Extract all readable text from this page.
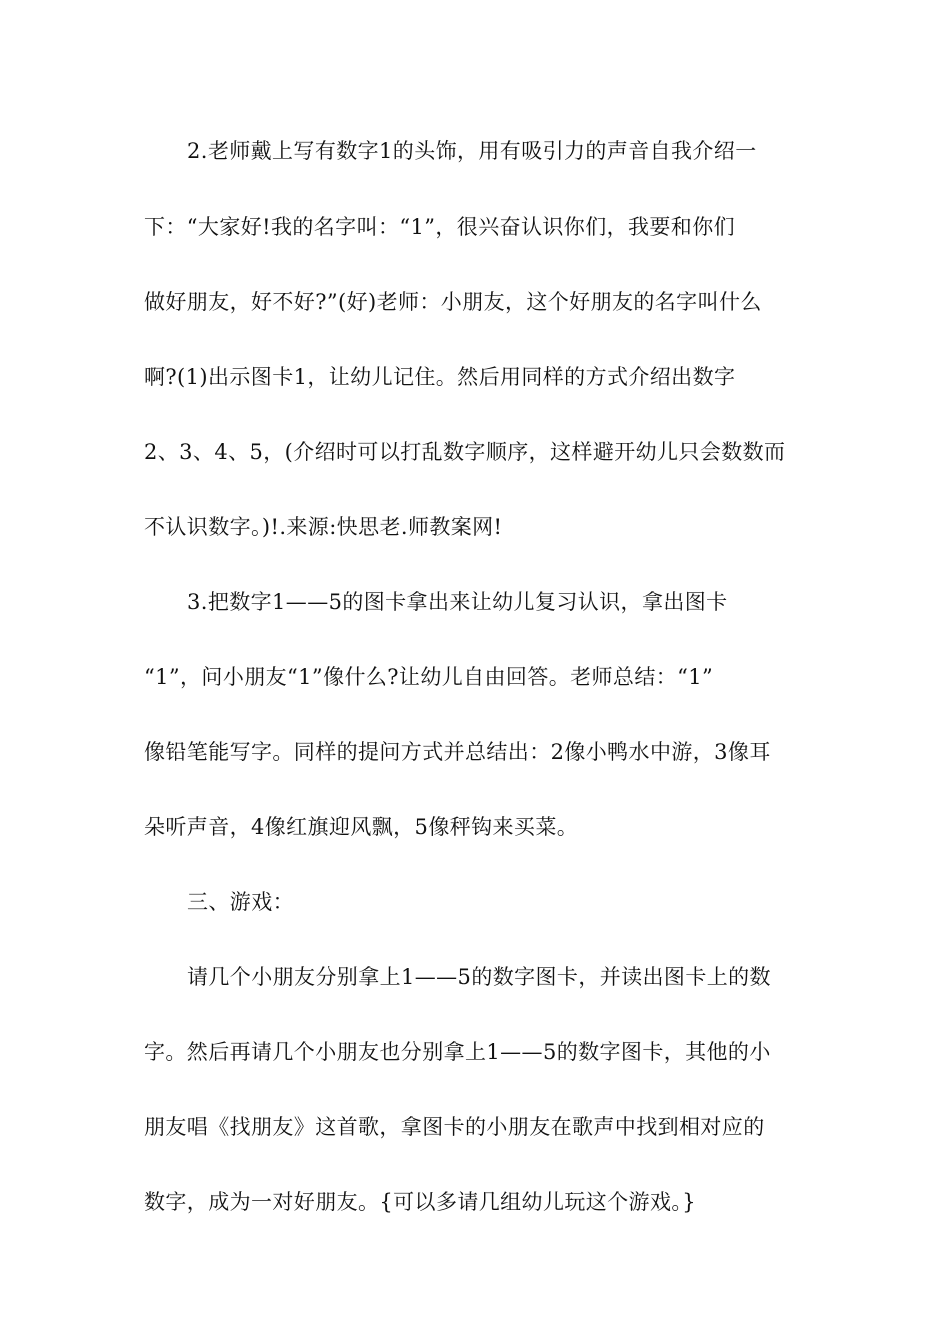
2.老师戴上写有数字1的头饰，用有吸引力的声音自我介绍一
下：“大家好!我的名字叫：“1”，很兴奋认识你们，我要和你们
做好朋友，好不好?”(好)老师：小朋友，这个好朋友的名字叫什么
啊?(1)出示图卡1，让幼儿记住。然后用同样的方式介绍出数字
2、3、4、5，(介绍时可以打乱数字顺序，这样避开幼儿只会数数而
不认识数字。)!.来源:快思老.师教案网!
3.把数字1——5的图卡拿出来让幼儿复习认识，拿出图卡
“1”，问小朋友“1”像什么?让幼儿自由回答。老师总结：“1”
像铅笔能写字。同样的提问方式并总结出：2像小鸭水中游，3像耳
朵听声音，4像红旗迎风飘，5像秤钩来买菜。
三、游戏：
请几个小朋友分别拿上1——5的数字图卡，并读出图卡上的数
字。然后再请几个小朋友也分别拿上1——5的数字图卡，其他的小
朋友唱《找朋友》这首歌，拿图卡的小朋友在歌声中找到相对应的
数字，成为一对好朋友。{可以多请几组幼儿玩这个游戏。}
